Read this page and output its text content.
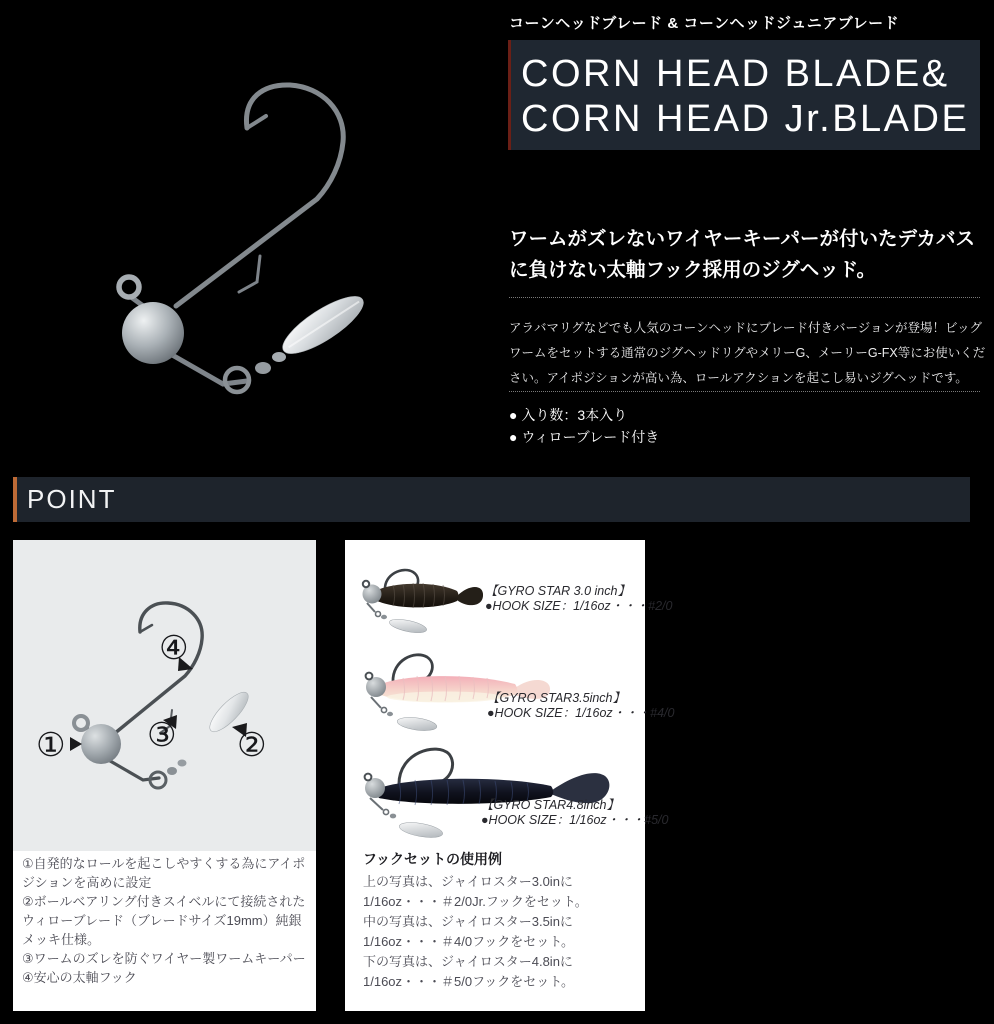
コーンヘッドブレード & コーンヘッドジュニアブレード
CORN HEAD BLADE&
CORN HEAD Jr.BLADE
ワームがズレないワイヤーキーパーが付いたデカバスに負けない太軸フック採用のジグヘッド。
アラバマリグなどでも人気のコーンヘッドにブレード付きバージョンが登場！ビッグワームをセットする通常のジグヘッドリグやメリーG、メーリーG-FX等にお使いください。アイポジションが高い為、ロールアクションを起こし易いジグヘッドです。
● 入り数：3本入り
● ウィローブレード付き
POINT
①	②
③
④
①自発的なロールを起こしやすくする為にアイポジションを高めに設定
②ボールベアリング付きスイベルにて接続されたウィローブレード（ブレードサイズ19mm）純銀メッキ仕様。
③ワームのズレを防ぐワイヤー製ワームキーパー
④安心の太軸フック
【GYRO STAR 3.0 inch】
●HOOK SIZE：1/16oz・・・#2/0
【GYRO STAR3.5inch】
●HOOK SIZE：1/16oz・・・#4/0
【GYRO STAR4.8inch】
●HOOK SIZE：1/16oz・・・#5/0
フックセットの使用例
上の写真は、ジャイロスター3.0inに
1/16oz・・・＃2/0Jr.フックをセット。
中の写真は、ジャイロスター3.5inに
1/16oz・・・＃4/0フックをセット。
下の写真は、ジャイロスター4.8inに
1/16oz・・・＃5/0フックをセット。
